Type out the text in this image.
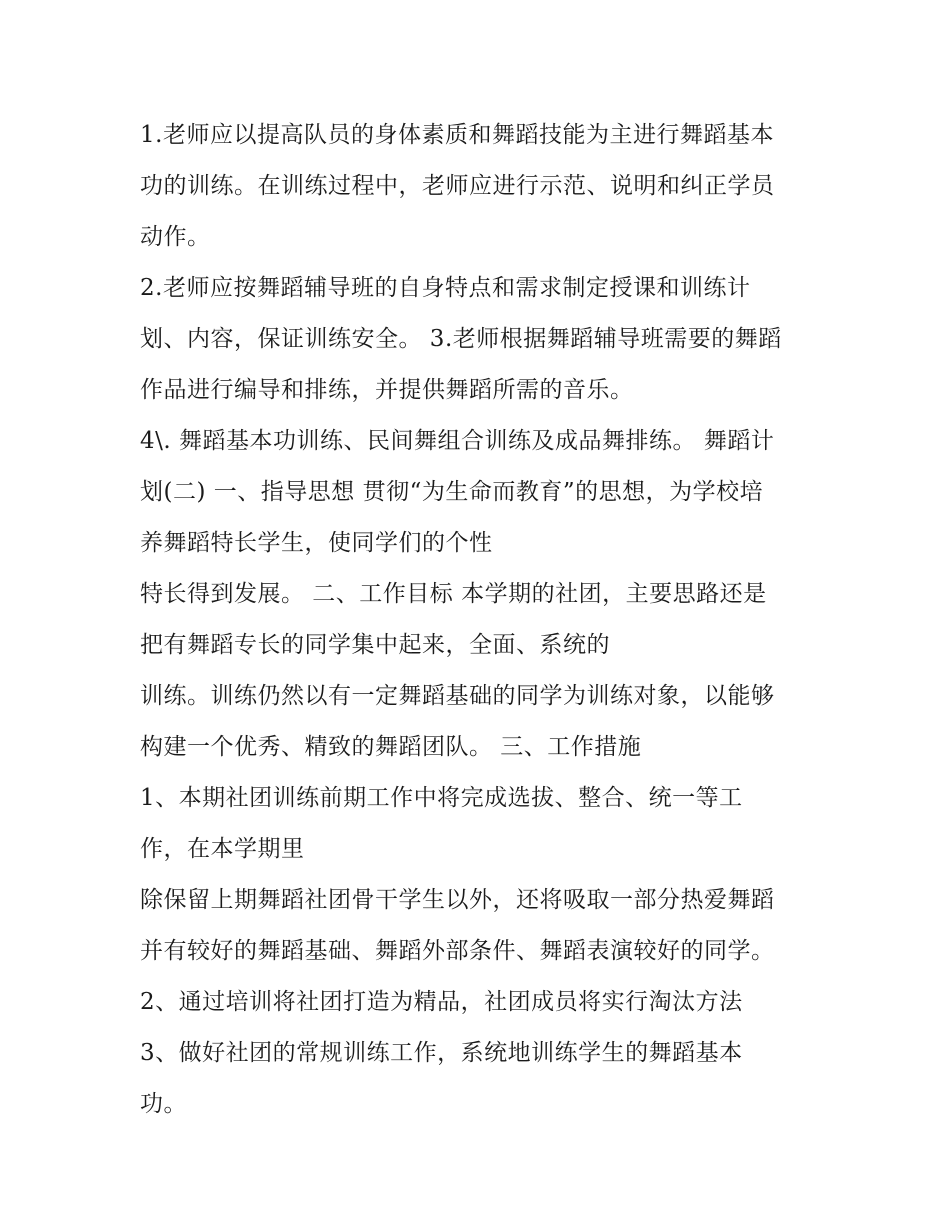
1.老师应以提高队员的身体素质和舞蹈技能为主进行舞蹈基本
功的训练。在训练过程中，老师应进行示范、说明和纠正学员
动作。
2.老师应按舞蹈辅导班的自身特点和需求制定授课和训练计
划、内容，保证训练安全。 3.老师根据舞蹈辅导班需要的舞蹈
作品进行编导和排练，并提供舞蹈所需的音乐。
4\. 舞蹈基本功训练、民间舞组合训练及成品舞排练。 舞蹈计
划(二) 一、指导思想 贯彻“为生命而教育”的思想，为学校培
养舞蹈特长学生，使同学们的个性
特长得到发展。 二、工作目标 本学期的社团，主要思路还是
把有舞蹈专长的同学集中起来，全面、系统的
训练。训练仍然以有一定舞蹈基础的同学为训练对象，以能够
构建一个优秀、精致的舞蹈团队。 三、工作措施
1、本期社团训练前期工作中将完成选拔、整合、统一等工
作，在本学期里
除保留上期舞蹈社团骨干学生以外，还将吸取一部分热爱舞蹈
并有较好的舞蹈基础、舞蹈外部条件、舞蹈表演较好的同学。
2、通过培训将社团打造为精品，社团成员将实行淘汰方法
3、做好社团的常规训练工作，系统地训练学生的舞蹈基本
功。
